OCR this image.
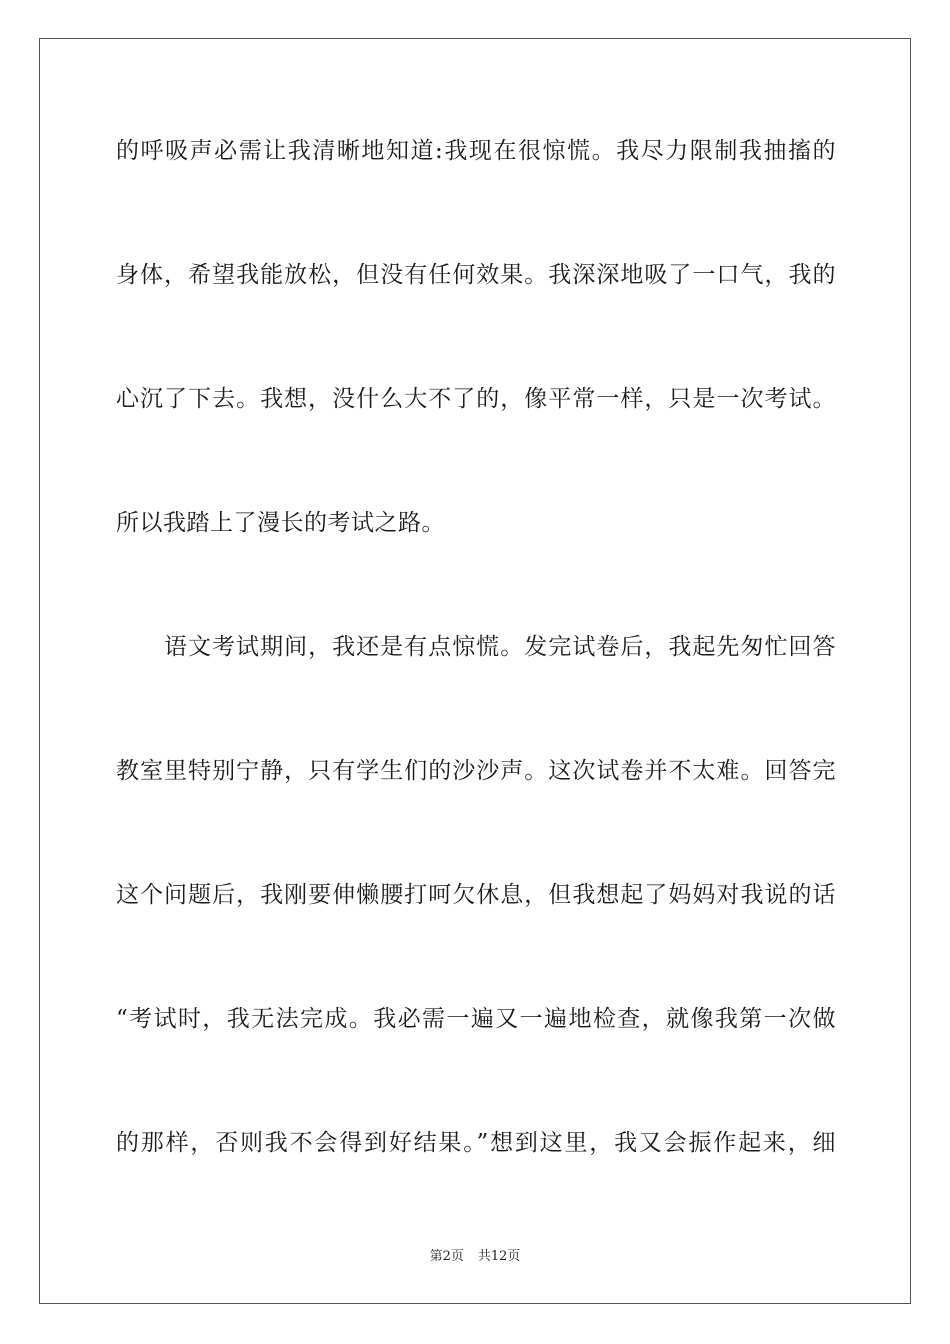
的呼吸声必需让我清晰地知道:我现在很惊慌。我尽力限制我抽搐的
身体，希望我能放松，但没有任何效果。我深深地吸了一口气，我的
心沉了下去。我想，没什么大不了的，像平常一样，只是一次考试。
所以我踏上了漫长的考试之路。
语文考试期间，我还是有点惊慌。发完试卷后，我起先匆忙回答
教室里特别宁静，只有学生们的沙沙声。这次试卷并不太难。回答完
这个问题后，我刚要伸懒腰打呵欠休息，但我想起了妈妈对我说的话
“考试时，我无法完成。我必需一遍又一遍地检查，就像我第一次做
的那样，否则我不会得到好结果。”想到这里，我又会振作起来，细
第2页 共12页
